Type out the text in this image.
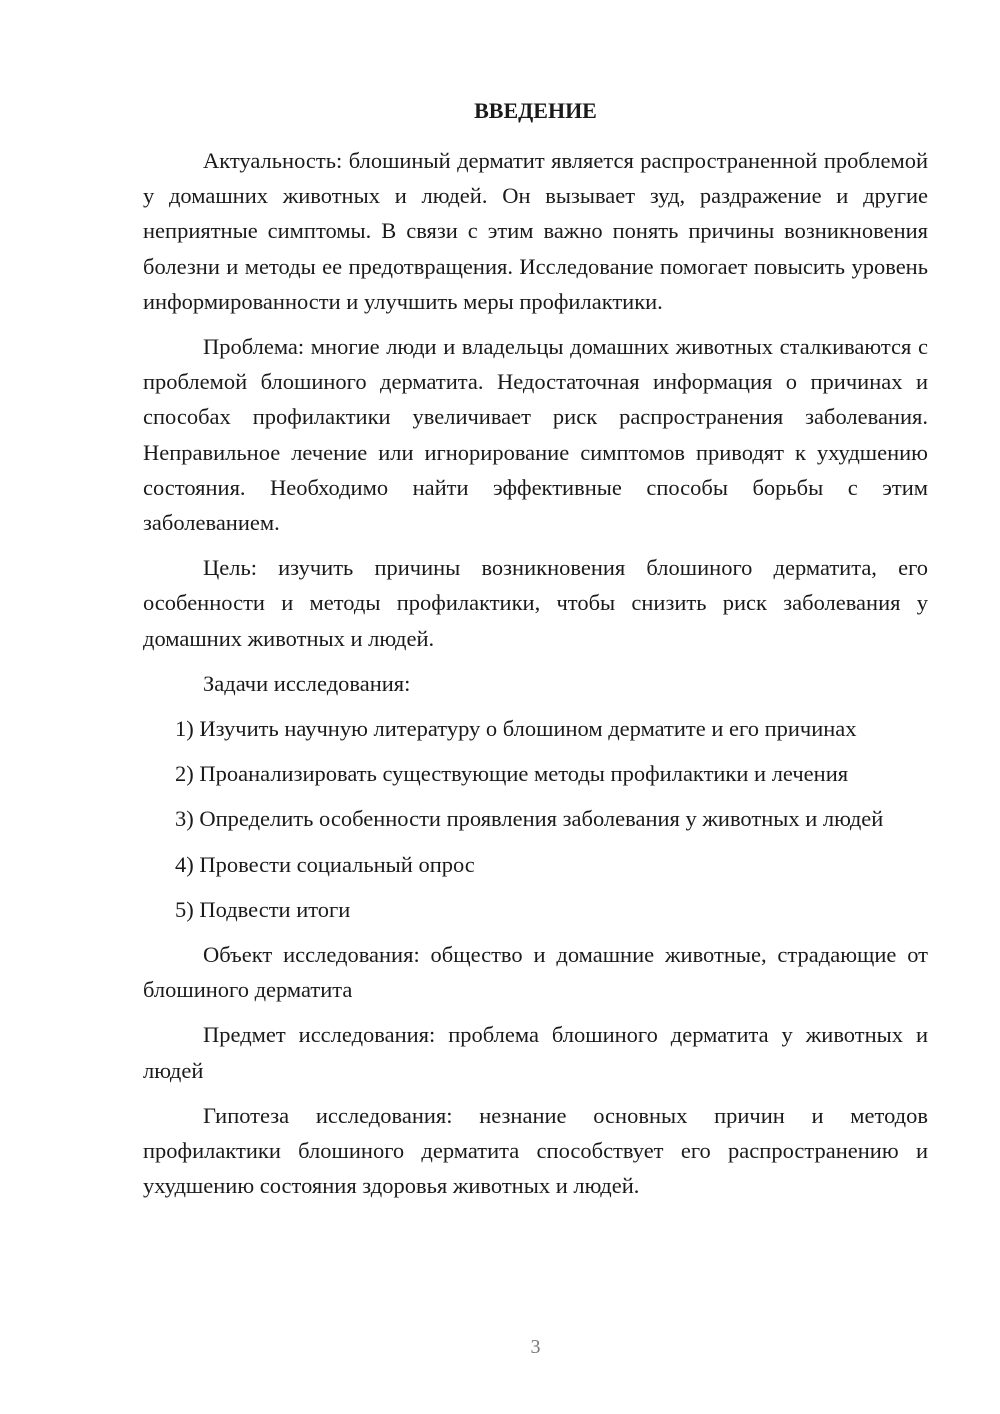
ВВЕДЕНИЕ

Актуальность: блошиный дерматит является распространенной проблемой у домашних животных и людей. Он вызывает зуд, раздражение и другие неприятные симптомы. В связи с этим важно понять причины возникновения болезни и методы ее предотвращения. Исследование помогает повысить уровень информированности и улучшить меры профилактики.

Проблема: многие люди и владельцы домашних животных сталкиваются с проблемой блошиного дерматита. Недостаточная информация о причинах и способах профилактики увеличивает риск распространения заболевания. Неправильное лечение или игнорирование симптомов приводят к ухудшению состояния. Необходимо найти эффективные способы борьбы с этим заболеванием.

Цель: изучить причины возникновения блошиного дерматита, его особенности и методы профилактики, чтобы снизить риск заболевания у домашних животных и людей.

Задачи исследования:

1) Изучить научную литературу о блошином дерматите и его причинах

2) Проанализировать существующие методы профилактики и лечения

3) Определить особенности проявления заболевания у животных и людей

4) Провести социальный опрос

5) Подвести итоги

Объект исследования: общество и домашние животные, страдающие от блошиного дерматита

Предмет исследования: проблема блошиного дерматита у животных и людей

Гипотеза исследования: незнание основных причин и методов профилактики блошиного дерматита способствует его распространению и ухудшению состояния здоровья животных и людей.

3
